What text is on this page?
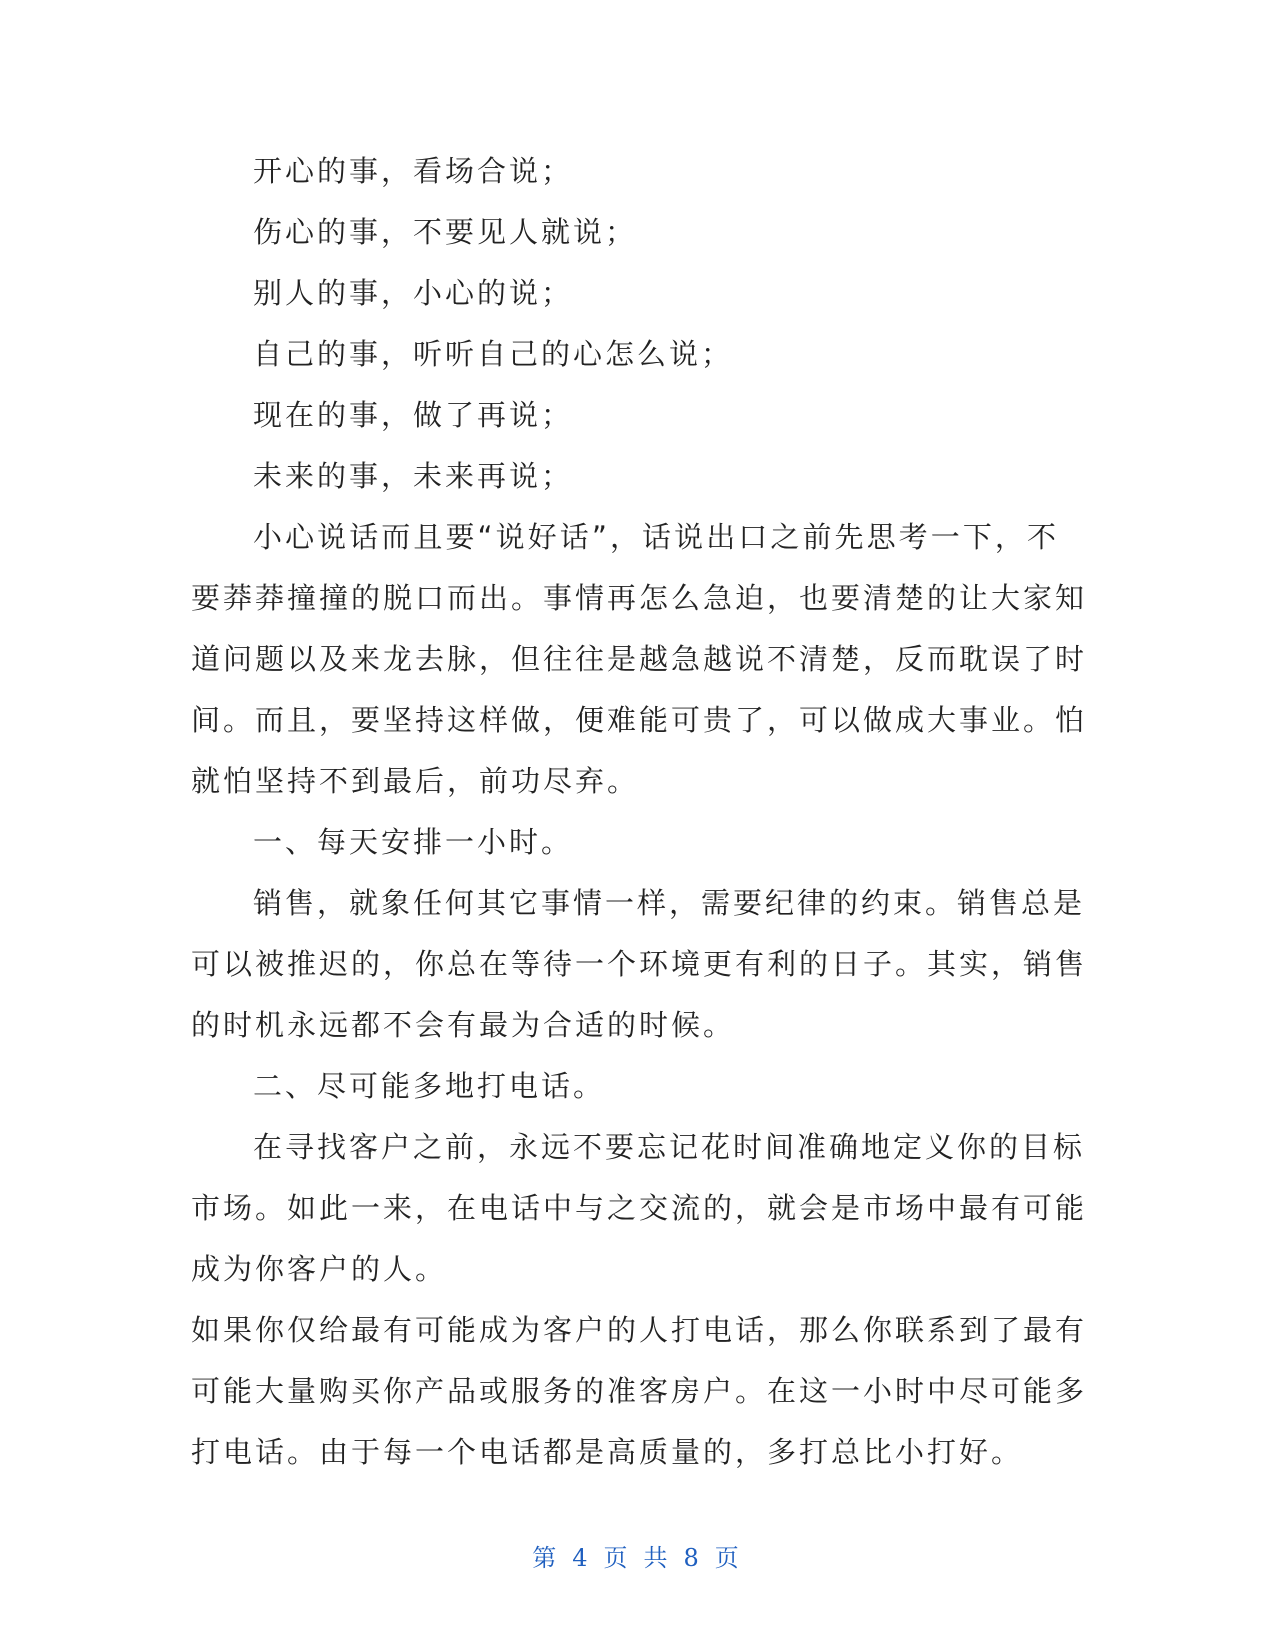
开心的事，看场合说；
伤心的事，不要见人就说；
别人的事，小心的说；
自己的事，听听自己的心怎么说；
现在的事，做了再说；
未来的事，未来再说；
小心说话而且要“说好话”，话说出口之前先思考一下，不
要莽莽撞撞的脱口而出。事情再怎么急迫，也要清楚的让大家知
道问题以及来龙去脉，但往往是越急越说不清楚，反而耽误了时
间。而且，要坚持这样做，便难能可贵了，可以做成大事业。怕
就怕坚持不到最后，前功尽弃。
一、每天安排一小时。
销售，就象任何其它事情一样，需要纪律的约束。销售总是
可以被推迟的，你总在等待一个环境更有利的日子。其实，销售
的时机永远都不会有最为合适的时候。
二、尽可能多地打电话。
在寻找客户之前，永远不要忘记花时间准确地定义你的目标
市场。如此一来，在电话中与之交流的，就会是市场中最有可能
成为你客户的人。
如果你仅给最有可能成为客户的人打电话，那么你联系到了最有
可能大量购买你产品或服务的准客房户。在这一小时中尽可能多
打电话。由于每一个电话都是高质量的，多打总比小打好。
第 4 页 共 8 页
